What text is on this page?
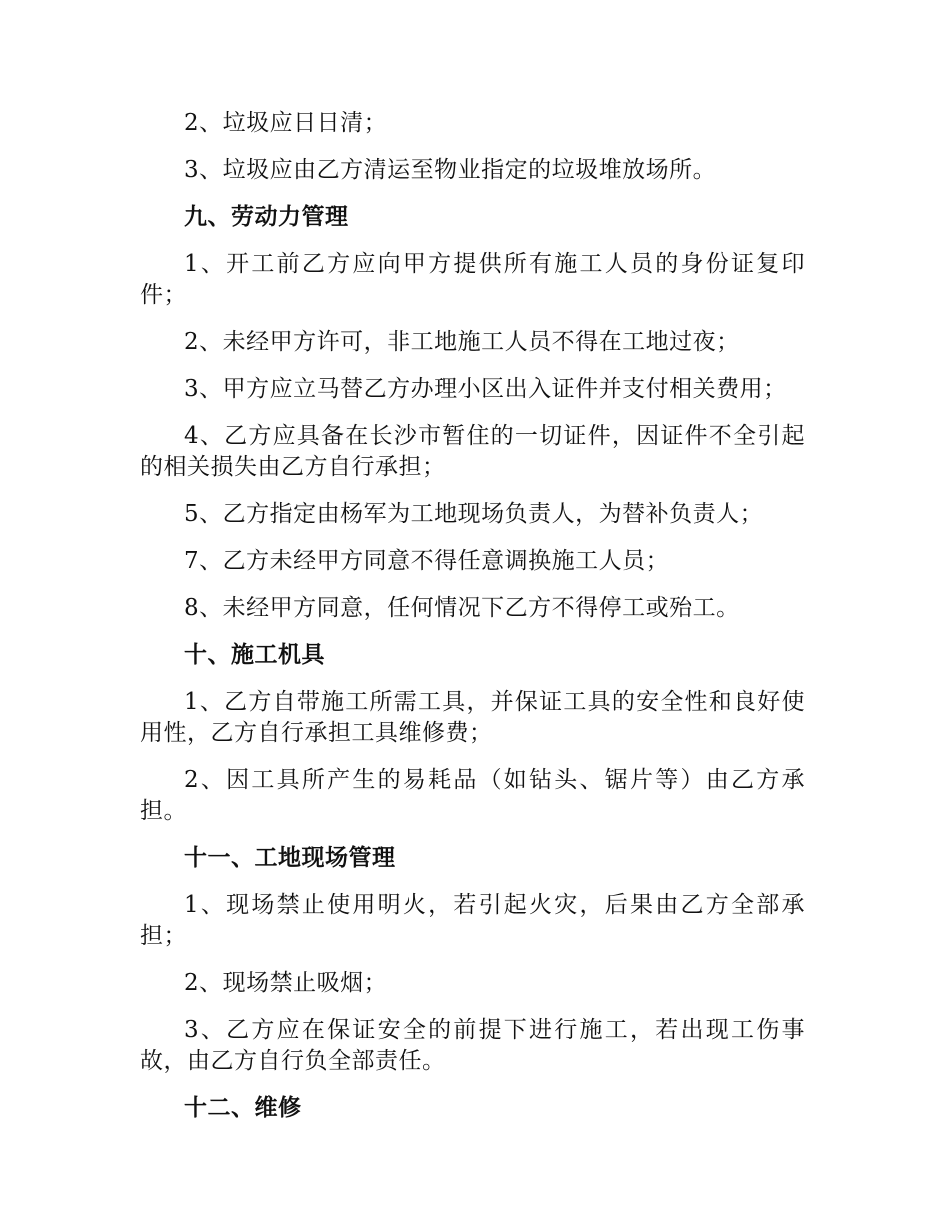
2、垃圾应日日清；

3、垃圾应由乙方清运至物业指定的垃圾堆放场所。

九、劳动力管理

1、开工前乙方应向甲方提供所有施工人员的身份证复印件；

2、未经甲方许可，非工地施工人员不得在工地过夜；

3、甲方应立马替乙方办理小区出入证件并支付相关费用；

4、乙方应具备在长沙市暂住的一切证件，因证件不全引起的相关损失由乙方自行承担；

5、乙方指定由杨军为工地现场负责人，为替补负责人；

7、乙方未经甲方同意不得任意调换施工人员；

8、未经甲方同意，任何情况下乙方不得停工或殆工。

十、施工机具

1、乙方自带施工所需工具，并保证工具的安全性和良好使用性，乙方自行承担工具维修费；

2、因工具所产生的易耗品（如钻头、锯片等）由乙方承担。

十一、工地现场管理

1、现场禁止使用明火，若引起火灾，后果由乙方全部承担；

2、现场禁止吸烟；

3、乙方应在保证安全的前提下进行施工，若出现工伤事故，由乙方自行负全部责任。

十二、维修
